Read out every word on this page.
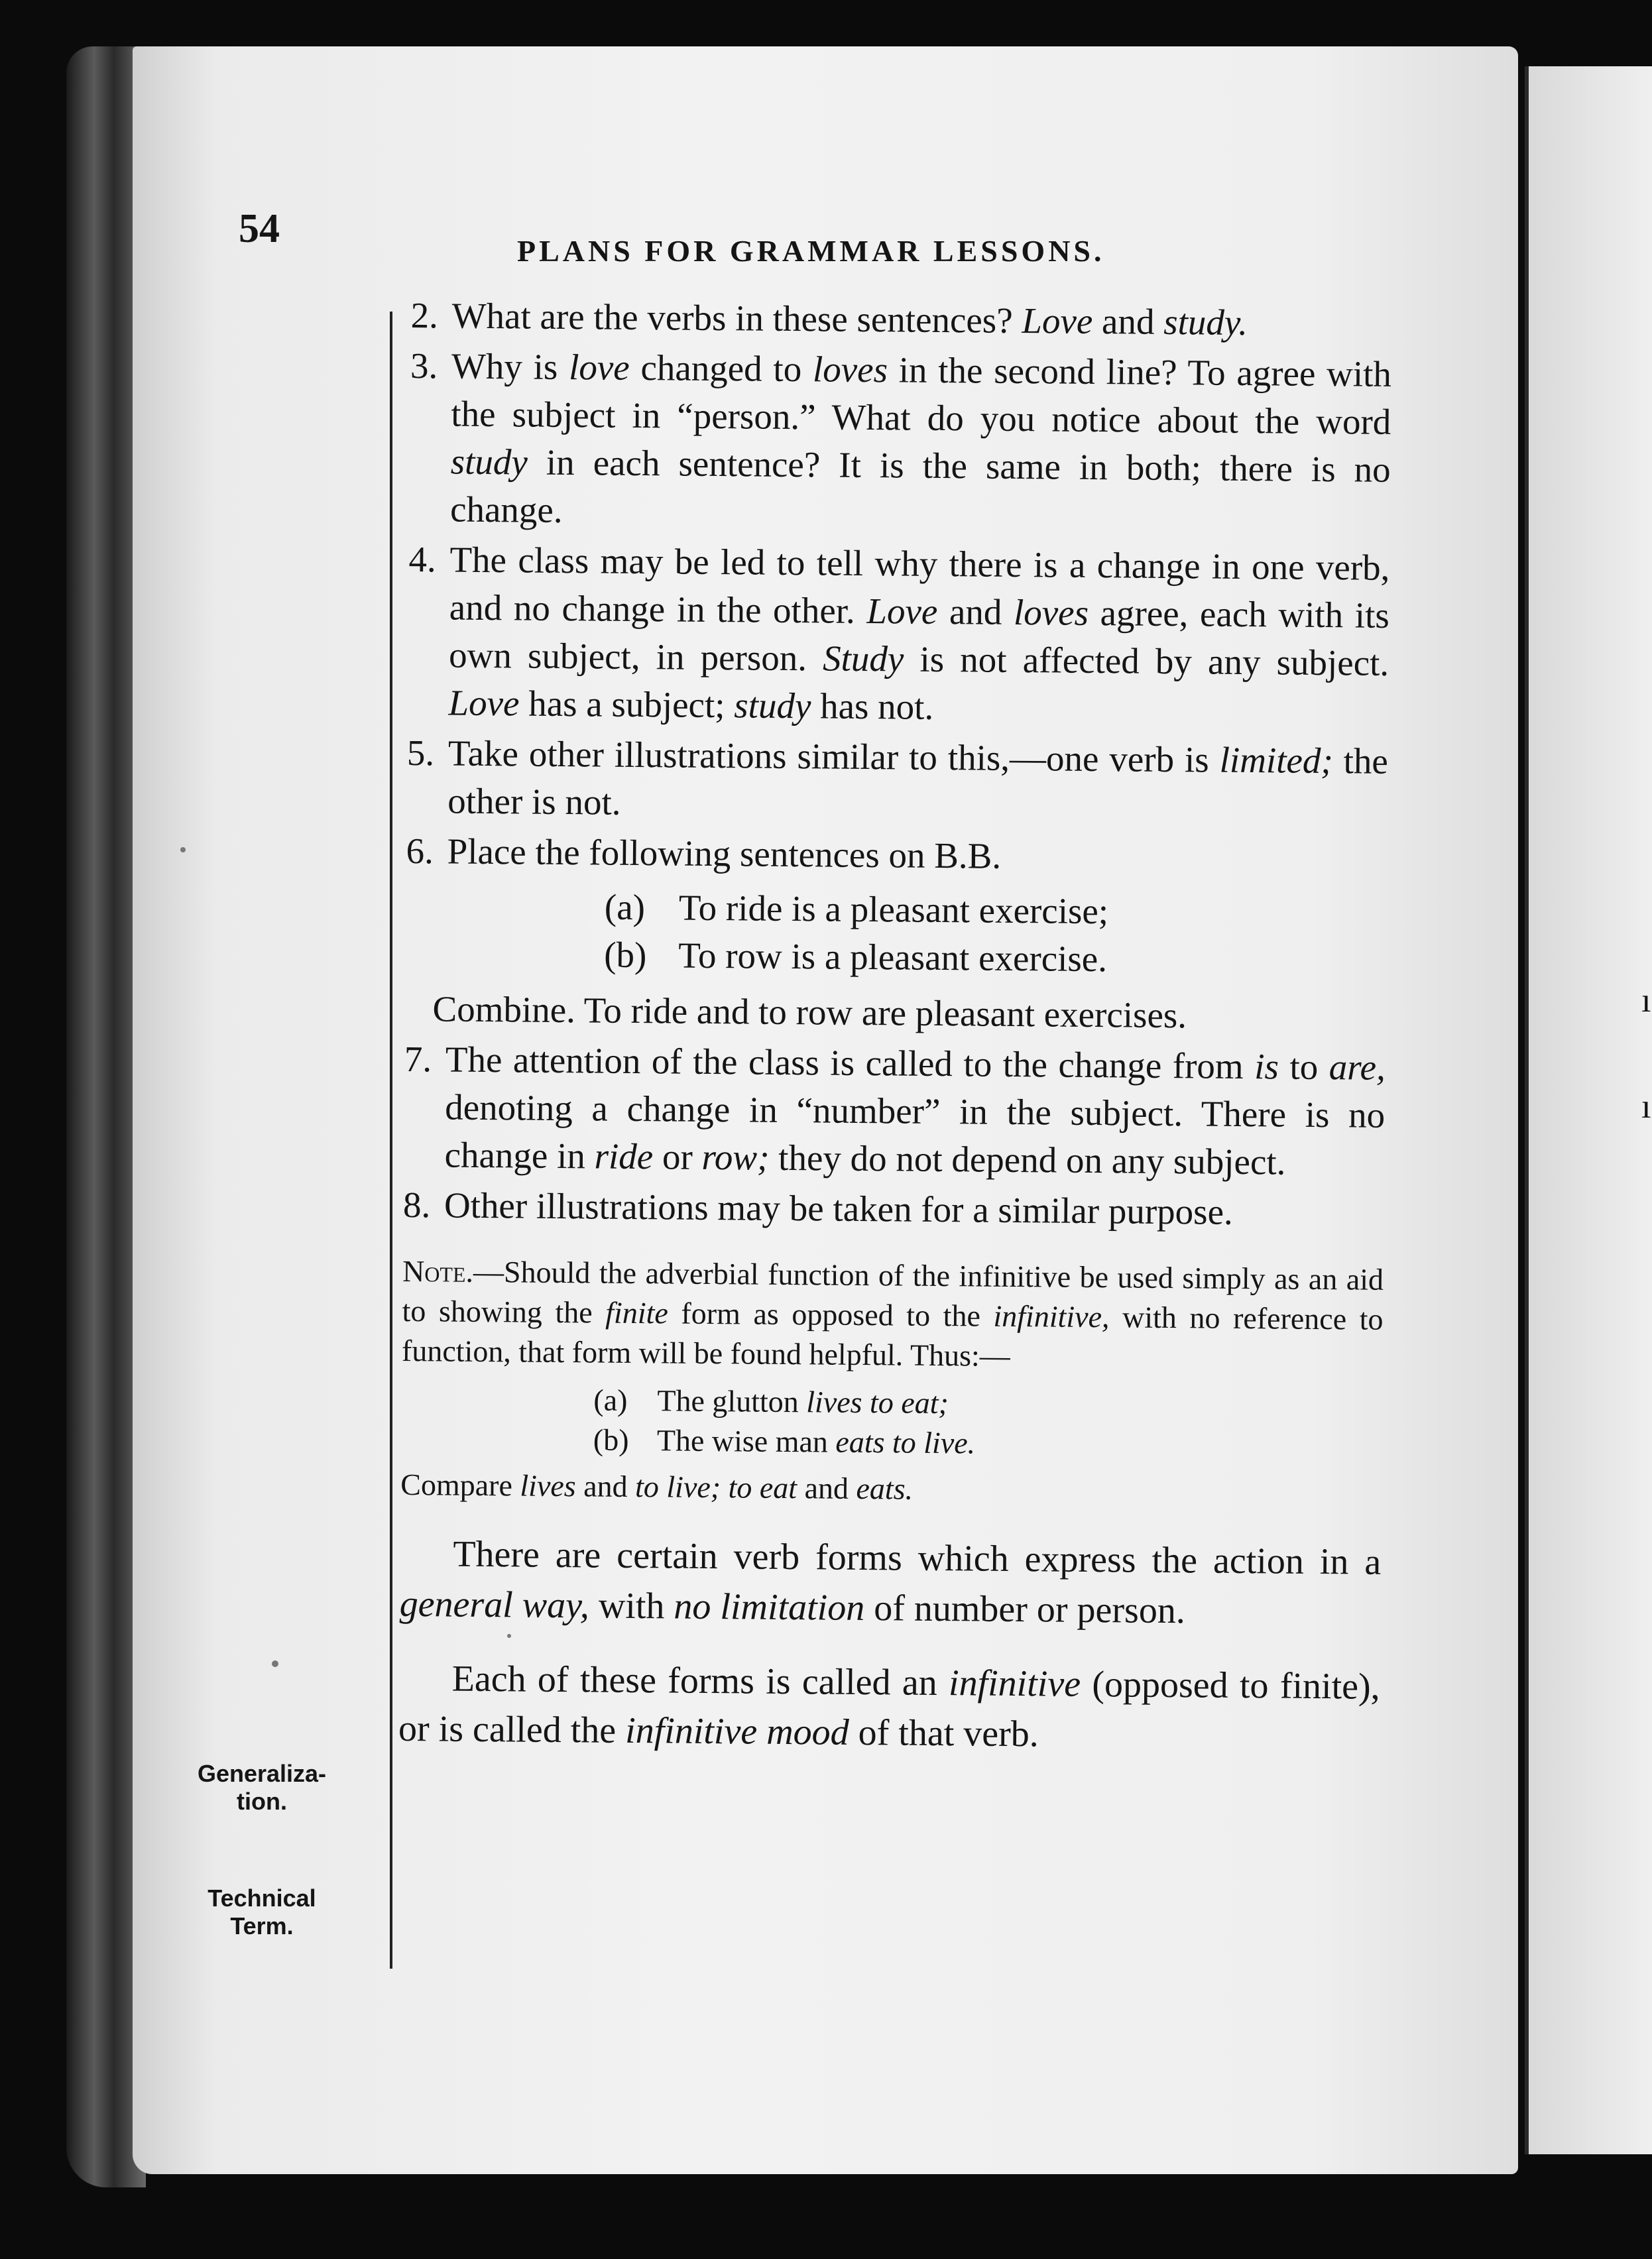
ı
ı
54	PLANS FOR GRAMMAR LESSONS.
Generaliza-
tion.
Technical
Term.
2. What are the verbs in these sentences? Love and study.
3. Why is love changed to loves in the second line? To agree with the subject in “person.” What do you notice about the word study in each sentence? It is the same in both; there is no change.
4. The class may be led to tell why there is a change in one verb, and no change in the other. Love and loves agree, each with its own subject, in person. Study is not affected by any subject. Love has a subject; study has not.
5. Take other illustrations similar to this,—one verb is limited; the other is not.
6. Place the following sentences on B.B.
(a) To ride is a pleasant exercise;
(b) To row is a pleasant exercise.
Combine. To ride and to row are pleasant exercises.
7. The attention of the class is called to the change from is to are, denoting a change in “number” in the subject. There is no change in ride or row; they do not depend on any subject.
8. Other illustrations may be taken for a similar purpose.
Note.—Should the adverbial function of the infinitive be used simply as an aid to showing the finite form as opposed to the infinitive, with no reference to function, that form will be found helpful. Thus:—
(a) The glutton lives to eat;
(b) The wise man eats to live.
Compare lives and to live; to eat and eats.
There are certain verb forms which express the action in a general way, with no limitation of number or person.
Each of these forms is called an infinitive (opposed to finite), or is called the infinitive mood of that verb.
